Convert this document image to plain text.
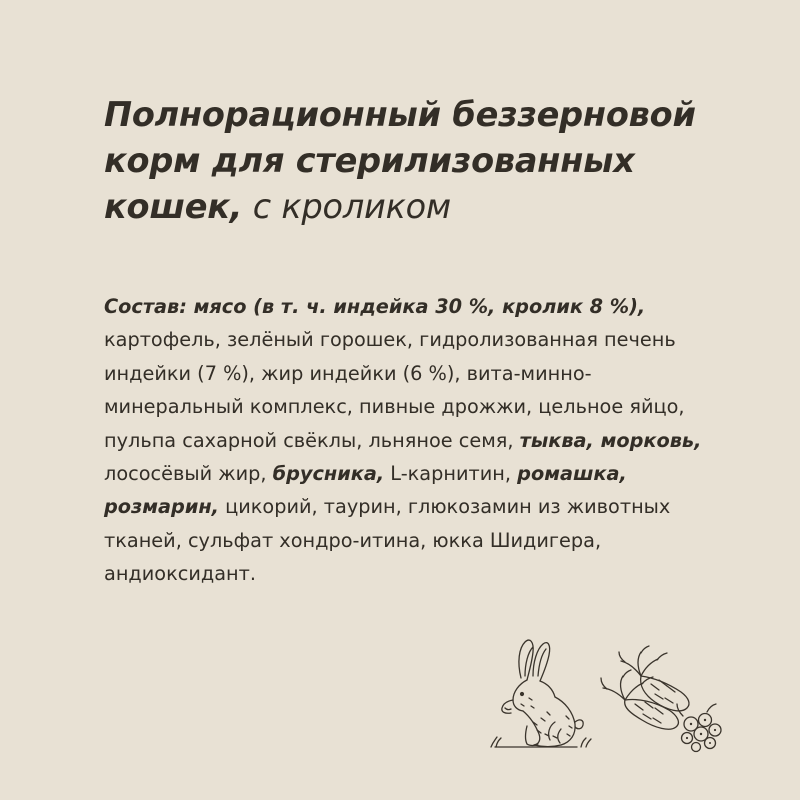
Полнорационный беззерновой
корм для стерилизованных
кошек, с кроликом
Состав: мясо (в т. ч. индейка 30 %, кролик 8 %), картофель, зелёный горошек, гидролизованная печень индейки (7 %), жир индейки (6 %), вита-минно-минеральный комплекс, пивные дрожжи, цельное яйцо, пульпа сахарной свёклы, льняное семя, тыква, морковь, лососёвый жир, брусника, L-карнитин, ромашка, розмарин, цикорий, таурин, глюкозамин из животных тканей, сульфат хондро-итина, юкка Шидигера, андиоксидант.
